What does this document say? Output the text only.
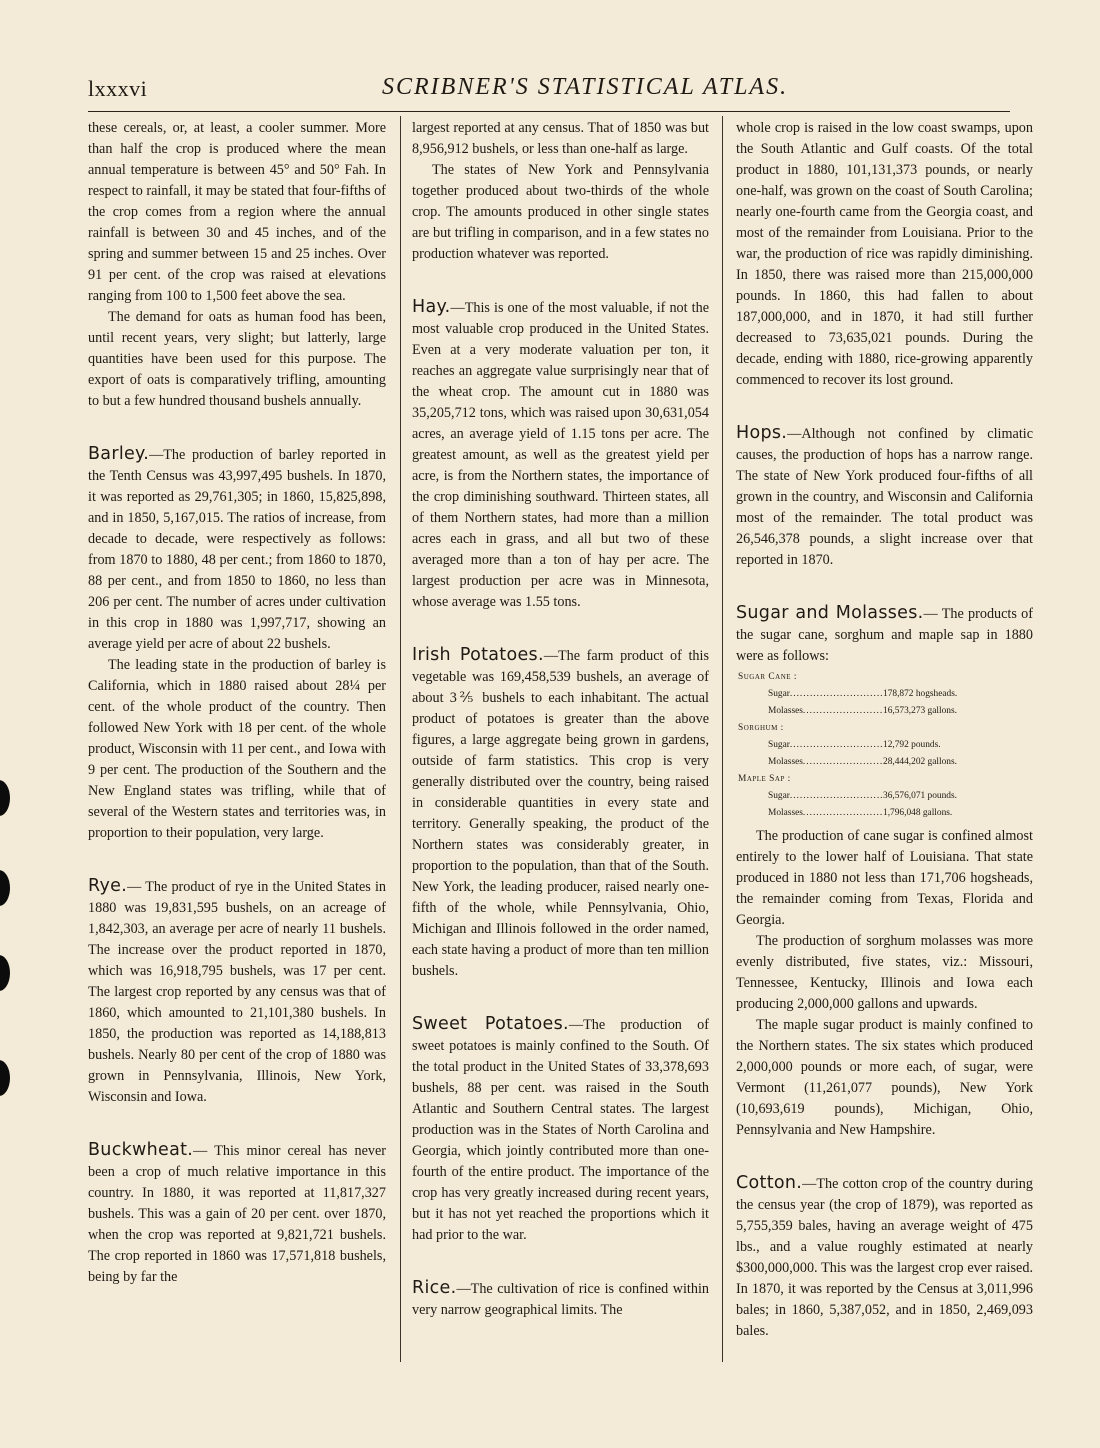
lxxxvi	SCRIBNER'S STATISTICAL ATLAS.

these cereals, or, at least, a cooler summer. More than half the crop is produced where the mean annual temperature is between 45° and 50° Fah. In respect to rainfall, it may be stated that four-fifths of the crop comes from a region where the annual rainfall is between 30 and 45 inches, and of the spring and summer between 15 and 25 inches. Over 91 per cent. of the crop was raised at elevations ranging from 100 to 1,500 feet above the sea.

The demand for oats as human food has been, until recent years, very slight; but latterly, large quantities have been used for this purpose. The export of oats is comparatively trifling, amounting to but a few hundred thousand bushels annually.

Barley.—The production of barley reported in the Tenth Census was 43,997,495 bushels. In 1870, it was reported as 29,761,305; in 1860, 15,825,898, and in 1850, 5,167,015. The ratios of increase, from decade to decade, were respectively as follows: from 1870 to 1880, 48 per cent.; from 1860 to 1870, 88 per cent., and from 1850 to 1860, no less than 206 per cent. The number of acres under cultivation in this crop in 1880 was 1,997,717, showing an average yield per acre of about 22 bushels.

The leading state in the production of barley is California, which in 1880 raised about 28¼ per cent. of the whole product of the country. Then followed New York with 18 per cent. of the whole product, Wisconsin with 11 per cent., and Iowa with 9 per cent. The production of the Southern and the New England states was trifling, while that of several of the Western states and territories was, in proportion to their population, very large.

Rye.— The product of rye in the United States in 1880 was 19,831,595 bushels, on an acreage of 1,842,303, an average per acre of nearly 11 bushels. The increase over the product reported in 1870, which was 16,918,795 bushels, was 17 per cent. The largest crop reported by any census was that of 1860, which amounted to 21,101,380 bushels. In 1850, the production was reported as 14,188,813 bushels. Nearly 80 per cent of the crop of 1880 was grown in Pennsylvania, Illinois, New York, Wisconsin and Iowa.

Buckwheat.— This minor cereal has never been a crop of much relative importance in this country. In 1880, it was reported at 11,817,327 bushels. This was a gain of 20 per cent. over 1870, when the crop was reported at 9,821,721 bushels. The crop reported in 1860 was 17,571,818 bushels, being by far the

largest reported at any census. That of 1850 was but 8,956,912 bushels, or less than one-half as large.

The states of New York and Pennsylvania together produced about two-thirds of the whole crop. The amounts produced in other single states are but trifling in comparison, and in a few states no production whatever was reported.

Hay.—This is one of the most valuable, if not the most valuable crop produced in the United States. Even at a very moderate valuation per ton, it reaches an aggregate value surprisingly near that of the wheat crop. The amount cut in 1880 was 35,205,712 tons, which was raised upon 30,631,054 acres, an average yield of 1.15 tons per acre. The greatest amount, as well as the greatest yield per acre, is from the Northern states, the importance of the crop diminishing southward. Thirteen states, all of them Northern states, had more than a million acres each in grass, and all but two of these averaged more than a ton of hay per acre. The largest production per acre was in Minnesota, whose average was 1.55 tons.

Irish Potatoes.—The farm product of this vegetable was 169,458,539 bushels, an average of about 3⅖ bushels to each inhabitant. The actual product of potatoes is greater than the above figures, a large aggregate being grown in gardens, outside of farm statistics. This crop is very generally distributed over the country, being raised in considerable quantities in every state and territory. Generally speaking, the product of the Northern states was considerably greater, in proportion to the population, than that of the South. New York, the leading producer, raised nearly one-fifth of the whole, while Pennsylvania, Ohio, Michigan and Illinois followed in the order named, each state having a product of more than ten million bushels.

Sweet Potatoes.—The production of sweet potatoes is mainly confined to the South. Of the total product in the United States of 33,378,693 bushels, 88 per cent. was raised in the South Atlantic and Southern Central states. The largest production was in the States of North Carolina and Georgia, which jointly contributed more than one-fourth of the entire product. The importance of the crop has very greatly increased during recent years, but it has not yet reached the proportions which it had prior to the war.

Rice.—The cultivation of rice is confined within very narrow geographical limits. The

whole crop is raised in the low coast swamps, upon the South Atlantic and Gulf coasts. Of the total product in 1880, 101,131,373 pounds, or nearly one-half, was grown on the coast of South Carolina; nearly one-fourth came from the Georgia coast, and most of the remainder from Louisiana. Prior to the war, the production of rice was rapidly diminishing. In 1850, there was raised more than 215,000,000 pounds. In 1860, this had fallen to about 187,000,000, and in 1870, it had still further decreased to 73,635,021 pounds. During the decade, ending with 1880, rice-growing apparently commenced to recover its lost ground.

Hops.—Although not confined by climatic causes, the production of hops has a narrow range. The state of New York produced four-fifths of all grown in the country, and Wisconsin and California most of the remainder. The total product was 26,546,378 pounds, a slight increase over that reported in 1870.

Sugar and Molasses.— The products of the sugar cane, sorghum and maple sap in 1880 were as follows:

Sugar Cane :
Sugar .....	178,872 hogsheads.
Molasses .....	16,573,273 gallons.
Sorghum :
Sugar .....	12,792 pounds.
Molasses .....	28,444,202 gallons.
Maple Sap :
Sugar .....	36,576,071 pounds.
Molasses .....	1,796,048 gallons.

The production of cane sugar is confined almost entirely to the lower half of Louisiana. That state produced in 1880 not less than 171,706 hogsheads, the remainder coming from Texas, Florida and Georgia.

The production of sorghum molasses was more evenly distributed, five states, viz.: Missouri, Tennessee, Kentucky, Illinois and Iowa each producing 2,000,000 gallons and upwards.

The maple sugar product is mainly confined to the Northern states. The six states which produced 2,000,000 pounds or more each, of sugar, were Vermont (11,261,077 pounds), New York (10,693,619 pounds), Michigan, Ohio, Pennsylvania and New Hampshire.

Cotton.—The cotton crop of the country during the census year (the crop of 1879), was reported as 5,755,359 bales, having an average weight of 475 lbs., and a value roughly estimated at nearly $300,000,000. This was the largest crop ever raised. In 1870, it was reported by the Census at 3,011,996 bales; in 1860, 5,387,052, and in 1850, 2,469,093 bales.
